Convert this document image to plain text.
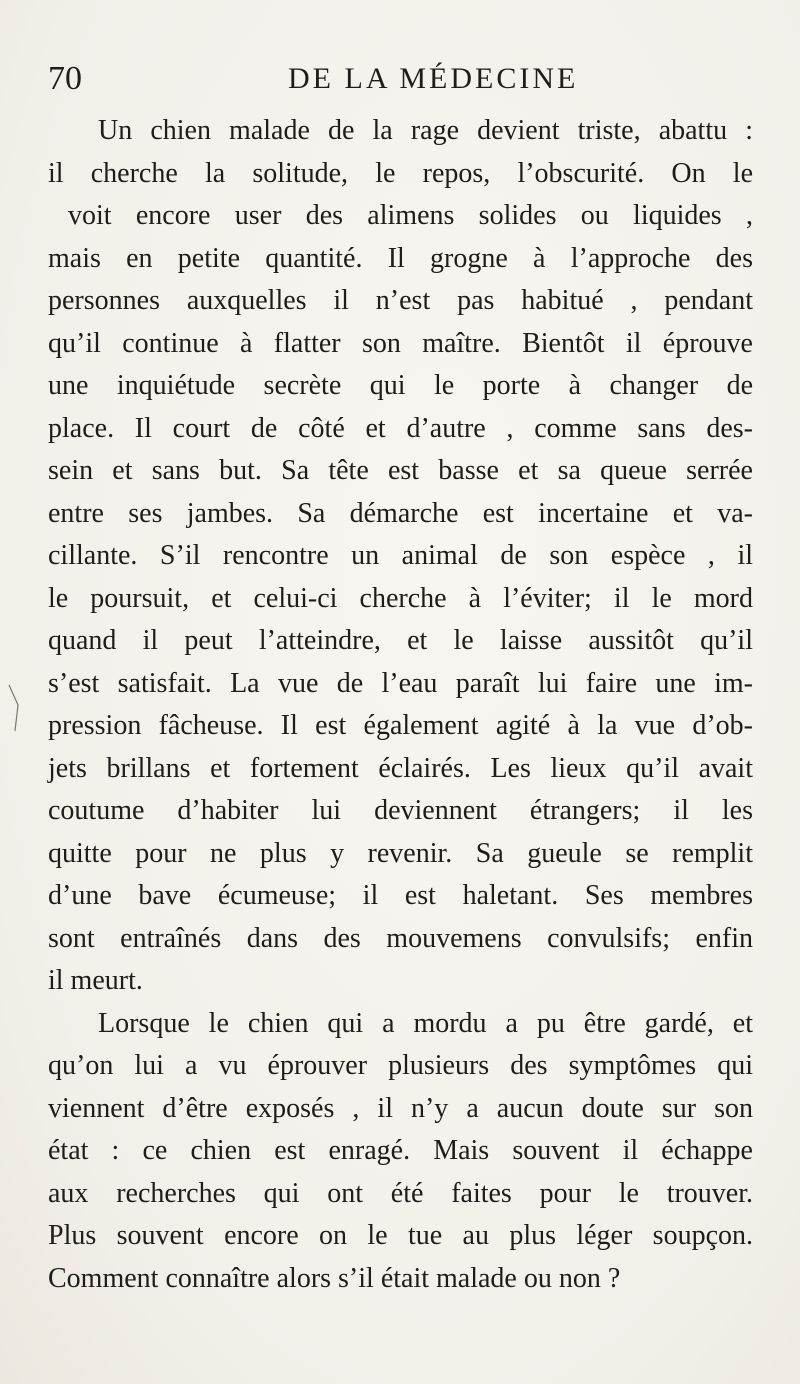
70	DE LA MÉDECINE
Un chien malade de la rage devient triste, abattu :
il cherche la solitude, le repos, l’obscurité. On le
voit encore user des alimens solides ou liquides ,
mais en petite quantité. Il grogne à l’approche des
personnes auxquelles il n’est pas habitué , pendant
qu’il continue à flatter son maître. Bientôt il éprouve
une inquiétude secrète qui le porte à changer de
place. Il court de côté et d’autre , comme sans des-
sein et sans but. Sa tête est basse et sa queue serrée
entre ses jambes. Sa démarche est incertaine et va-
cillante. S’il rencontre un animal de son espèce , il
le poursuit, et celui-ci cherche à l’éviter; il le mord
quand il peut l’atteindre, et le laisse aussitôt qu’il
s’est satisfait. La vue de l’eau paraît lui faire une im-
pression fâcheuse. Il est également agité à la vue d’ob-
jets brillans et fortement éclairés. Les lieux qu’il avait
coutume d’habiter lui deviennent étrangers; il les
quitte pour ne plus y revenir. Sa gueule se remplit
d’une bave écumeuse; il est haletant. Ses membres
sont entraînés dans des mouvemens convulsifs; enfin
il meurt.
Lorsque le chien qui a mordu a pu être gardé, et
qu’on lui a vu éprouver plusieurs des symptômes qui
viennent d’être exposés , il n’y a aucun doute sur son
état : ce chien est enragé. Mais souvent il échappe
aux recherches qui ont été faites pour le trouver.
Plus souvent encore on le tue au plus léger soupçon.
Comment connaître alors s’il était malade ou non ?
